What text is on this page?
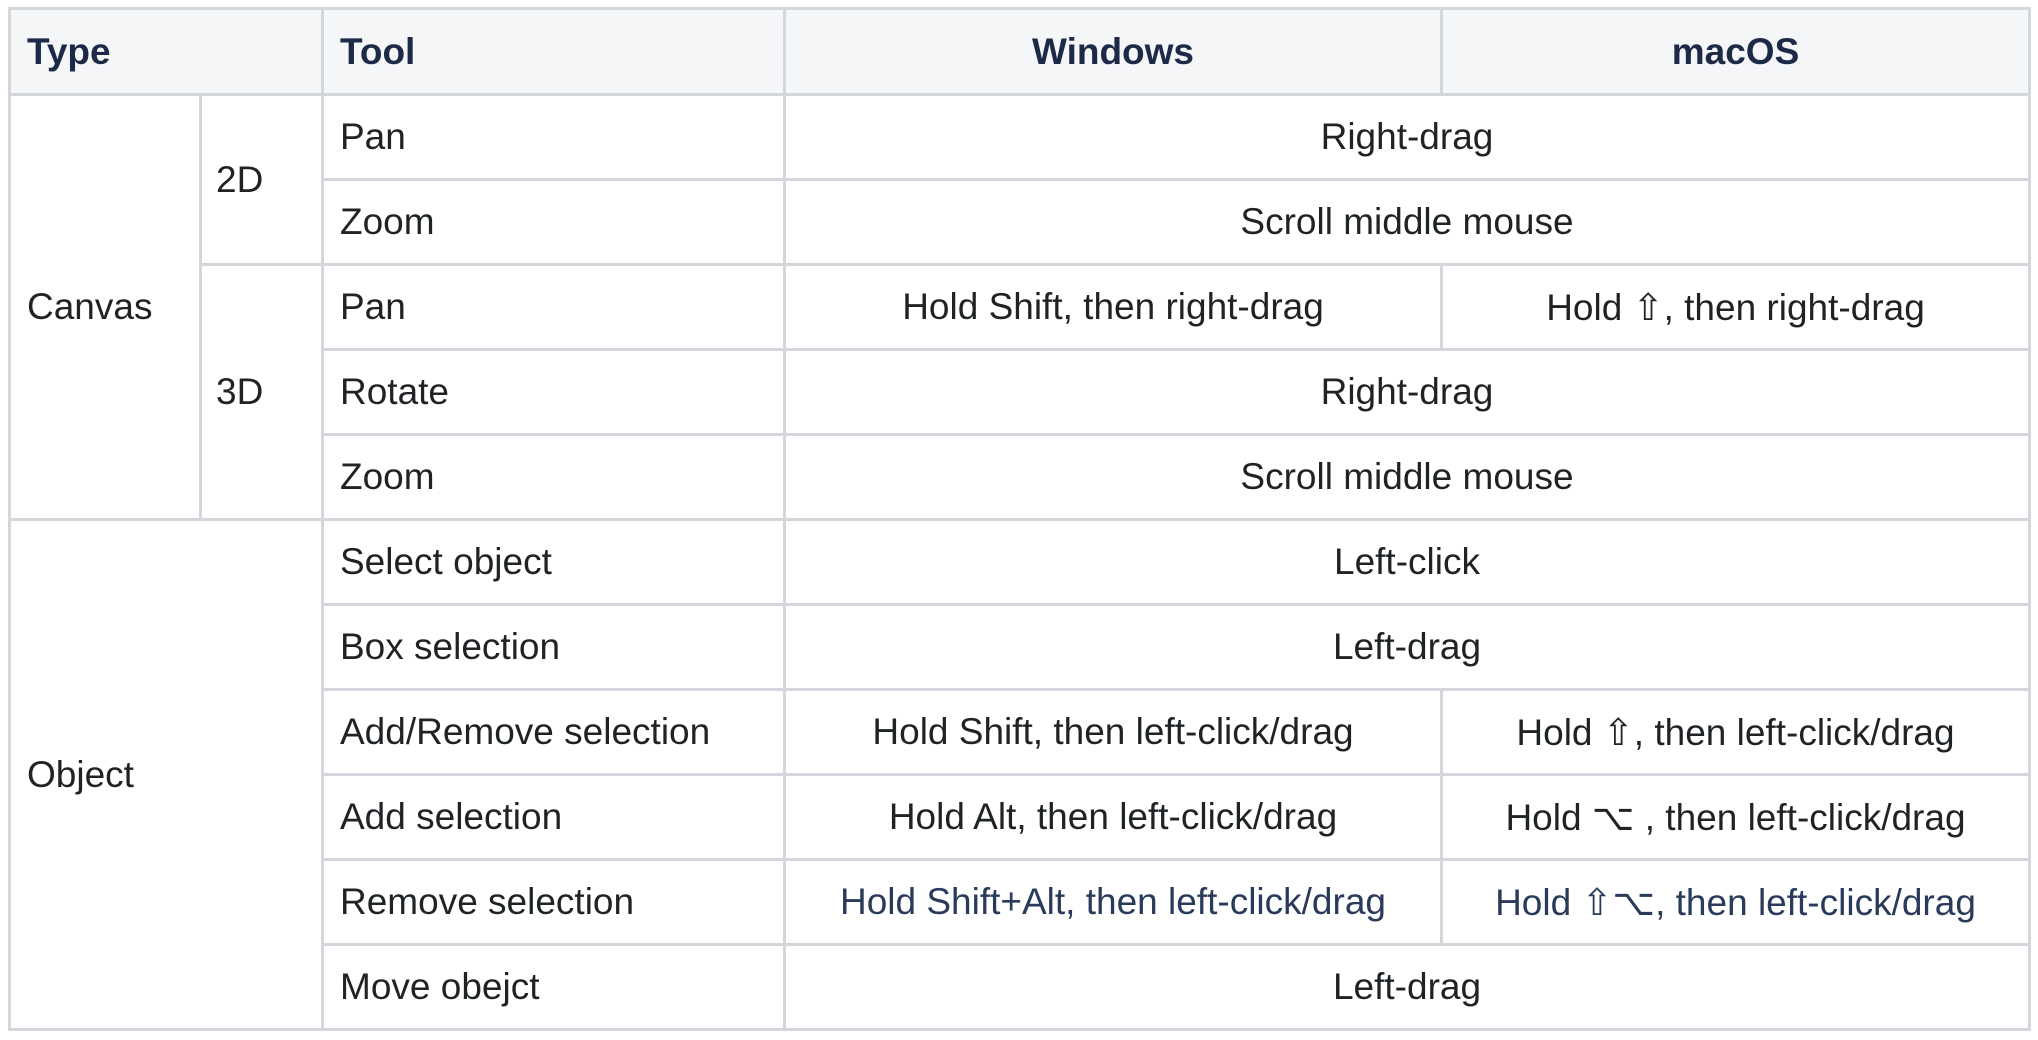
Type		Tool	Windows	macOS
Canvas	2D	Pan	Right-drag	
		Zoom	Scroll middle mouse	
	3D	Pan	Hold Shift, then right-drag	Hold ⇧, then right-drag
		Rotate	Right-drag	
		Zoom	Scroll middle mouse	
Object		Select object	Left-click	
		Box selection	Left-drag	
		Add/Remove selection	Hold Shift, then left-click/drag	Hold ⇧, then left-click/drag
		Add selection	Hold Alt, then left-click/drag	Hold ⌥ , then left-click/drag
		Remove selection	Hold Shift+Alt, then left-click/drag	Hold ⇧⌥, then left-click/drag
		Move obejct	Left-drag	
